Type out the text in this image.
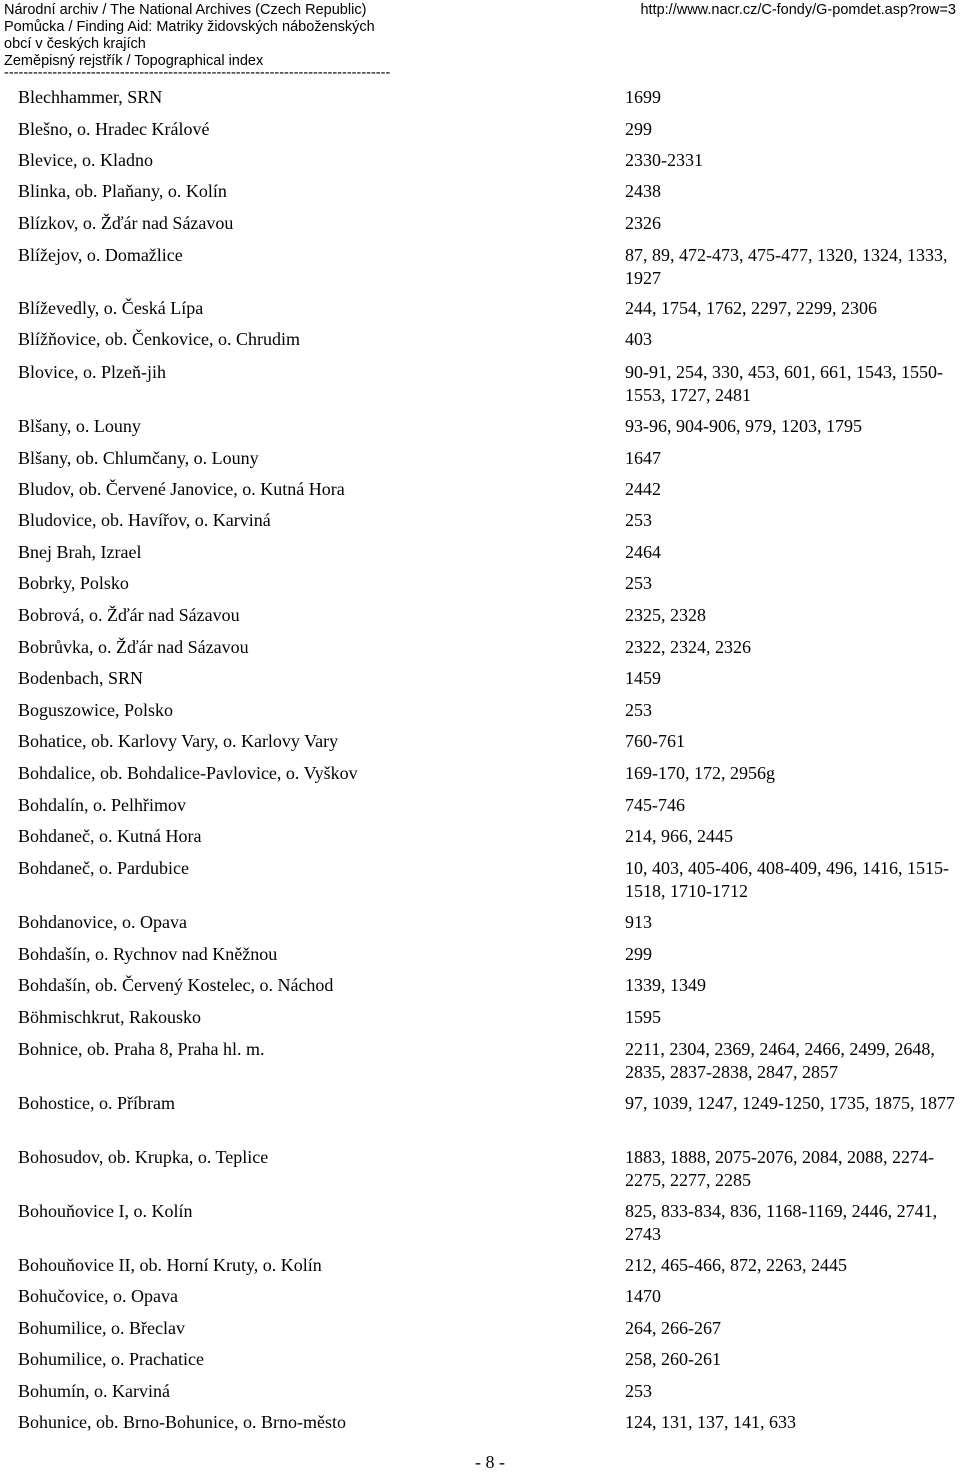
Národní archiv / The National Archives (Czech Republic)
Pomůcka / Finding Aid: Matriky židovských náboženských
obcí v českých krajích
Zeměpisný rejstřík / Topographical index
http://www.nacr.cz/C-fondy/G-pomdet.asp?row=3
--------------------------------------------------------------------------------
Blechhammer, SRN	1699
Blešno, o. Hradec Králové	299
Blevice, o. Kladno	2330-2331
Blinka, ob. Plaňany, o. Kolín	2438
Blízkov, o. Žďár nad Sázavou	2326
Blížejov, o. Domažlice	87, 89, 472-473, 475-477, 1320, 1324, 1333, 1927
Blíževedly, o. Česká Lípa	244, 1754, 1762, 2297, 2299, 2306
Blížňovice, ob. Čenkovice, o. Chrudim	403
Blovice, o. Plzeň-jih	90-91, 254, 330, 453, 601, 661, 1543, 1550-1553, 1727, 2481
Blšany, o. Louny	93-96, 904-906, 979, 1203, 1795
Blšany, ob. Chlumčany, o. Louny	1647
Bludov, ob. Červené Janovice, o. Kutná Hora	2442
Bludovice, ob. Havířov, o. Karviná	253
Bnej Brah, Izrael	2464
Bobrky, Polsko	253
Bobrová, o. Žďár nad Sázavou	2325, 2328
Bobrůvka, o. Žďár nad Sázavou	2322, 2324, 2326
Bodenbach, SRN	1459
Boguszowice, Polsko	253
Bohatice, ob. Karlovy Vary, o. Karlovy Vary	760-761
Bohdalice, ob. Bohdalice-Pavlovice, o. Vyškov	169-170, 172, 2956g
Bohdalín, o. Pelhřimov	745-746
Bohdaneč, o. Kutná Hora	214, 966, 2445
Bohdaneč, o. Pardubice	10, 403, 405-406, 408-409, 496, 1416, 1515-1518, 1710-1712
Bohdanovice, o. Opava	913
Bohdašín, o. Rychnov nad Kněžnou	299
Bohdašín, ob. Červený Kostelec, o. Náchod	1339, 1349
Böhmischkrut, Rakousko	1595
Bohnice, ob. Praha 8, Praha hl. m.	2211, 2304, 2369, 2464, 2466, 2499, 2648, 2835, 2837-2838, 2847, 2857
Bohostice, o. Příbram	97, 1039, 1247, 1249-1250, 1735, 1875, 1877
Bohosudov, ob. Krupka, o. Teplice	1883, 1888, 2075-2076, 2084, 2088, 2274-2275, 2277, 2285
Bohouňovice I, o. Kolín	825, 833-834, 836, 1168-1169, 2446, 2741, 2743
Bohouňovice II, ob. Horní Kruty, o. Kolín	212, 465-466, 872, 2263, 2445
Bohučovice, o. Opava	1470
Bohumilice, o. Břeclav	264, 266-267
Bohumilice, o. Prachatice	258, 260-261
Bohumín, o. Karviná	253
Bohunice, ob. Brno-Bohunice, o. Brno-město	124, 131, 137, 141, 633
- 8 -
